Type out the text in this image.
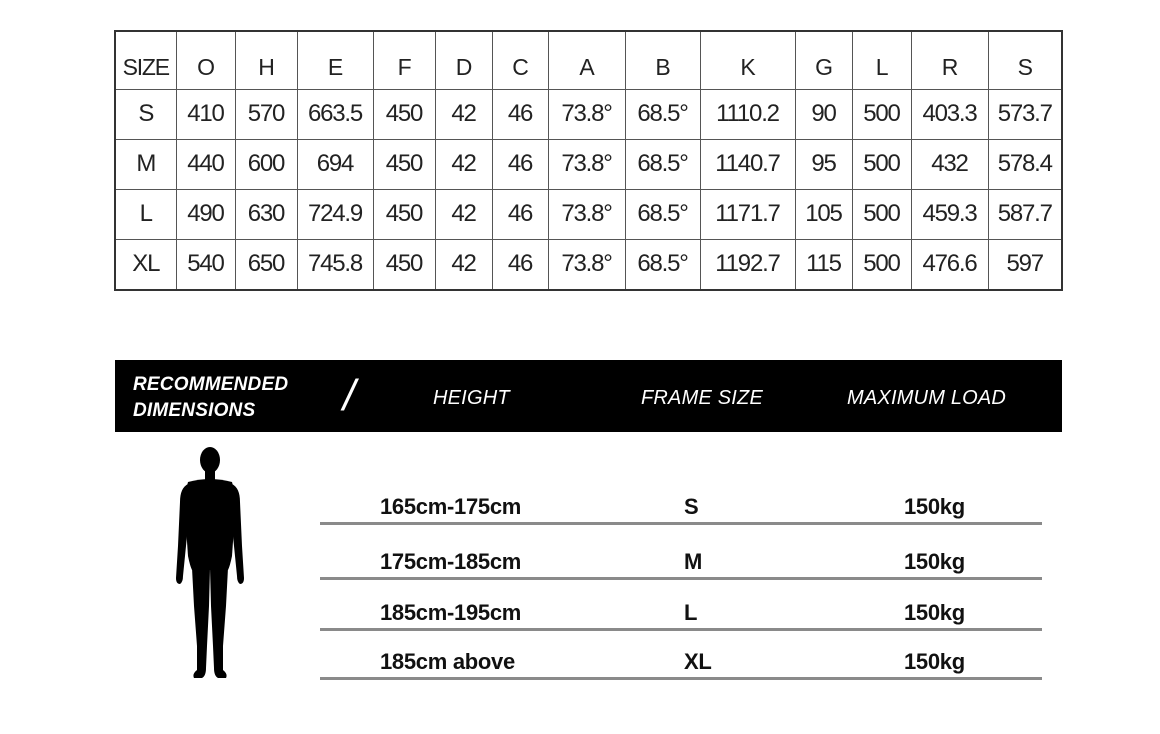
SIZE	O	H	E	F	D	C	A	B	K	G	L	R	S
S	410	570	663.5	450	42	46	73.8°	68.5°	1110.2	90	500	403.3	573.7
M	440	600	694	450	42	46	73.8°	68.5°	1140.7	95	500	432	578.4
L	490	630	724.9	450	42	46	73.8°	68.5°	1171.7	105	500	459.3	587.7
XL	540	650	745.8	450	42	46	73.8°	68.5°	1192.7	115	500	476.6	597
RECOMMENDED
DIMENSIONS	/	HEIGHT	FRAME SIZE	MAXIMUM LOAD
165cm-175cm	S	150kg
175cm-185cm	M	150kg
185cm-195cm	L	150kg
185cm above	XL	150kg
